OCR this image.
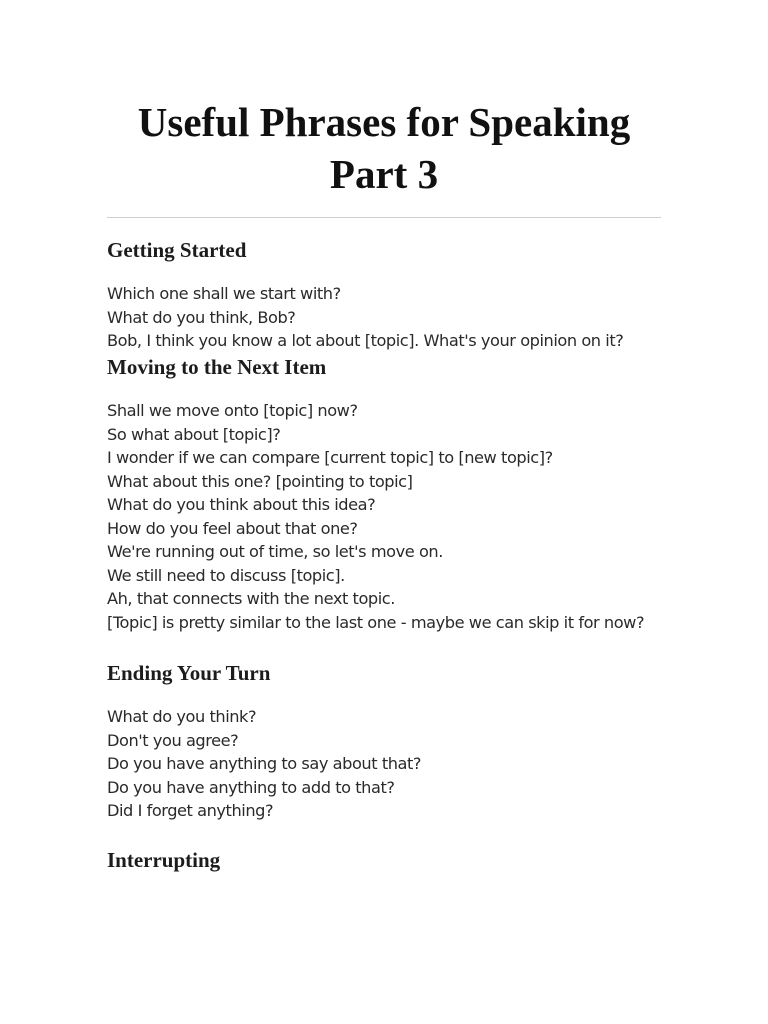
Useful Phrases for Speaking
Part 3
Getting Started
Which one shall we start with?
What do you think, Bob?
Bob, I think you know a lot about [topic]. What's your opinion on it?
Moving to the Next Item
Shall we move onto [topic] now?
So what about [topic]?
I wonder if we can compare [current topic] to [new topic]?
What about this one? [pointing to topic]
What do you think about this idea?
How do you feel about that one?
We're running out of time, so let's move on.
We still need to discuss [topic].
Ah, that connects with the next topic.
[Topic] is pretty similar to the last one - maybe we can skip it for now?
Ending Your Turn
What do you think?
Don't you agree?
Do you have anything to say about that?
Do you have anything to add to that?
Did I forget anything?
Interrupting
